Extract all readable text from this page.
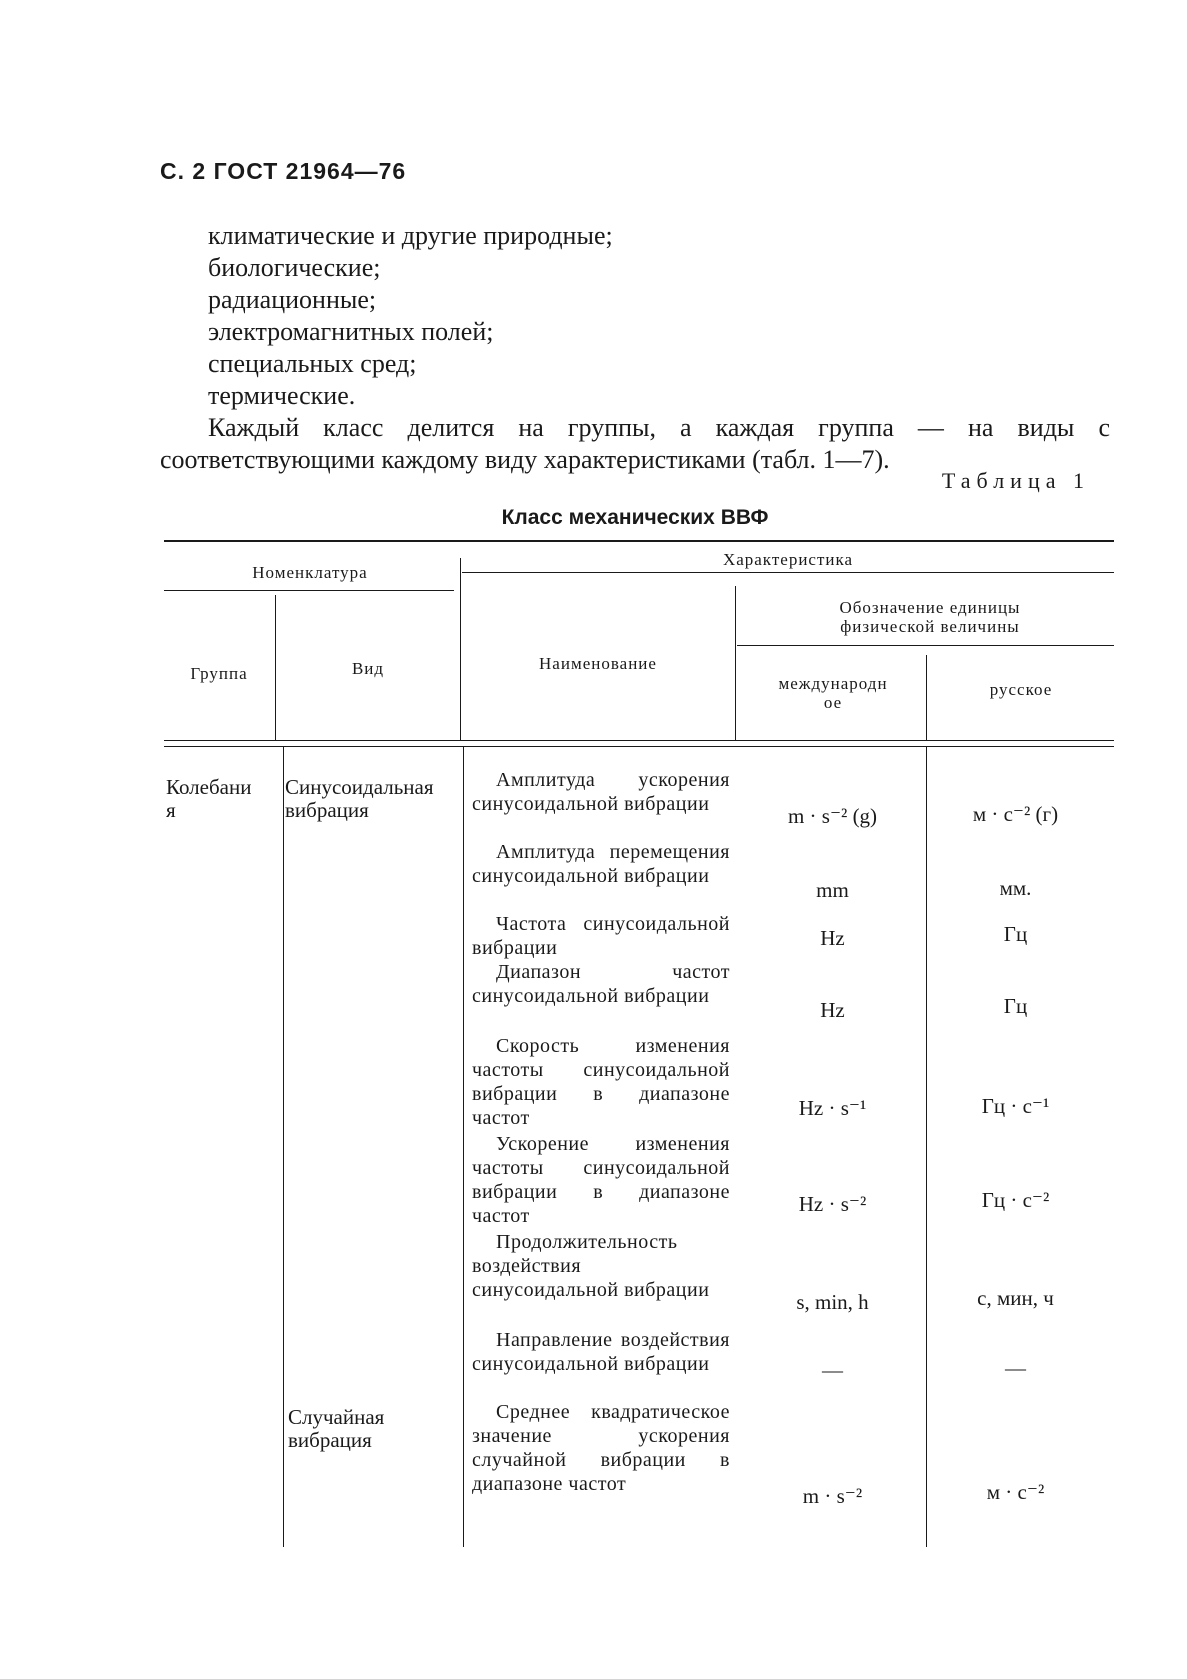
С. 2 ГОСТ 21964—76
климатические и другие природные;
биологические;
радиационные;
электромагнитных полей;
специальных сред;
термические.
Каждый класс делится на группы, а каждая группа — на виды с соответствующими каждому виду характеристиками (табл. 1—7).
Таблица 1
Класс механических ВВФ
Номенклатура
Характеристика
Группа	Вид	Наименование
Обозначение единицы физической величины
международное
русское
Колебания
Синусоидальная вибрация
Случайная вибрация
Амплитуда ускорения синусоидальной вибрации
Амплитуда перемещения синусоидальной вибрации
Частота синусоидальной вибрации
Диапазон частот синусоидальной вибрации
Скорость изменения частоты синусоидальной вибрации в диапазоне частот
Ускорение изменения частоты синусоидальной вибрации в диапазоне частот
Продолжительность воздействия синусоидальной вибрации
Направление воздействия синусоидальной вибрации
Среднее квадратическое значение ускорения случайной вибрации в диапазоне частот
m · s⁻² (g)
mm
Hz
Hz
Hz · s⁻¹
Hz · s⁻²
s, min, h
—
m · s⁻²
м · с⁻² (г)
мм.
Гц
Гц
Гц · с⁻¹
Гц · с⁻²
с, мин, ч
—
м · с⁻²
